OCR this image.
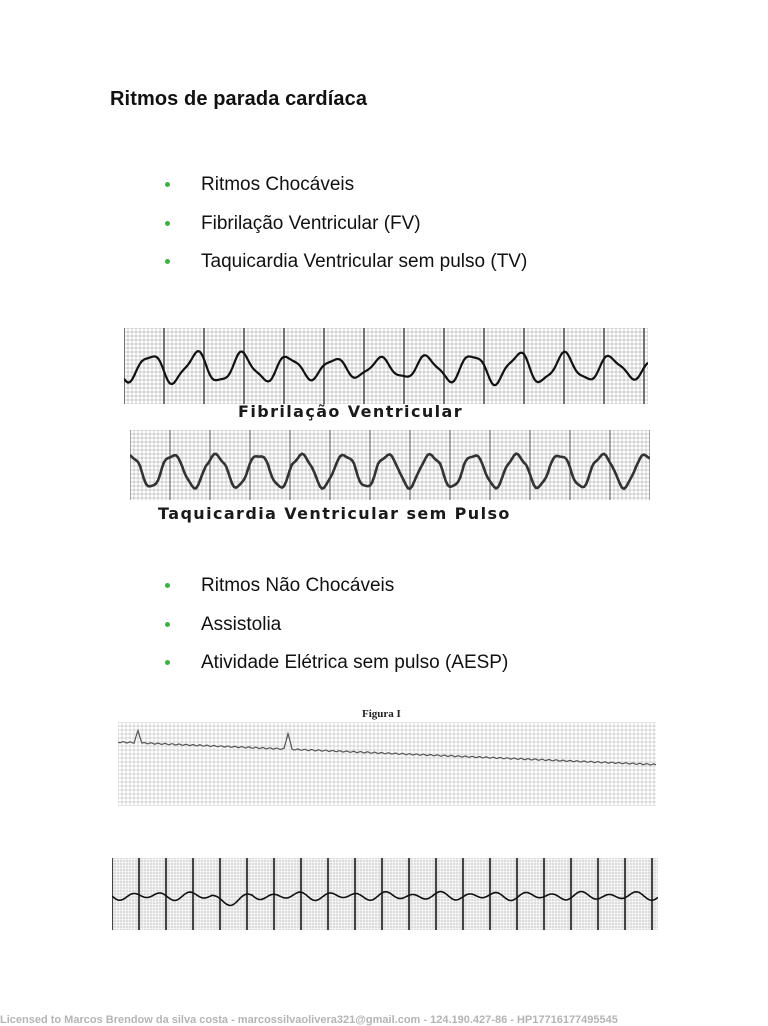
Ritmos de parada cardíaca
Ritmos Chocáveis
Fibrilação Ventricular (FV)
Taquicardia Ventricular sem pulso (TV)
Fibrilação Ventricular
Taquicardia Ventricular sem Pulso
Ritmos Não Chocáveis
Assistolia
Atividade Elétrica sem pulso (AESP)
Figura I
Licensed to Marcos Brendow da silva costa - marcossilvaolivera321@gmail.com - 124.190.427-86 - HP17716177495545
